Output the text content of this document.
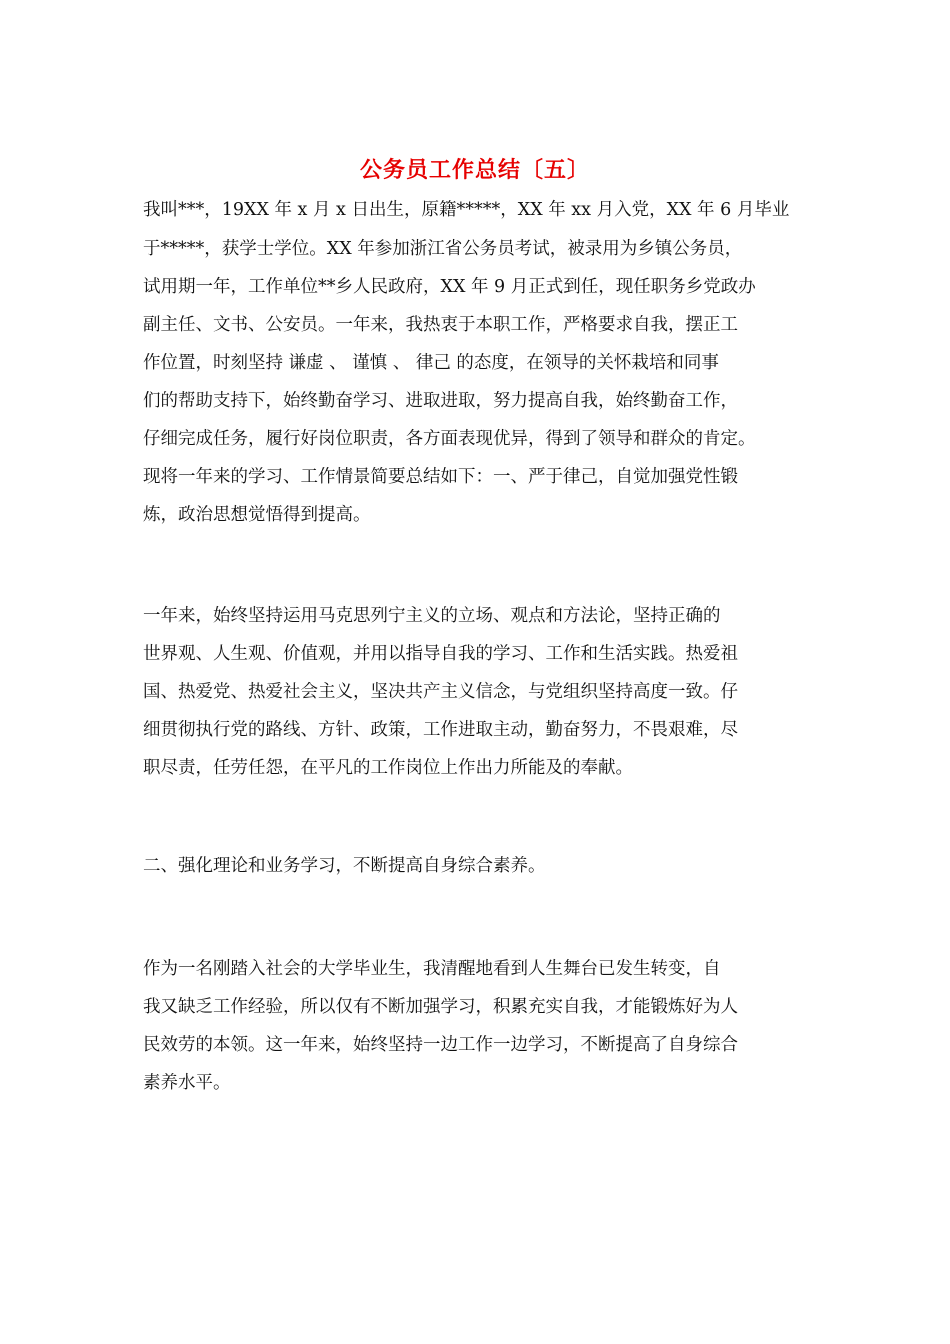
公务员工作总结〔五〕
我叫***，19XX 年 x 月 x 日出生，原籍*****，XX 年 xx 月入党，XX 年 6 月毕业
于*****，获学士学位。XX 年参加浙江省公务员考试，被录用为乡镇公务员，
试用期一年，工作单位**乡人民政府，XX 年 9 月正式到任，现任职务乡党政办
副主任、文书、公安员。一年来，我热衷于本职工作，严格要求自我，摆正工
作位置，时刻坚持 谦虚 、 谨慎 、 律己 的态度，在领导的关怀栽培和同事
们的帮助支持下，始终勤奋学习、进取进取，努力提高自我，始终勤奋工作，
仔细完成任务，履行好岗位职责，各方面表现优异，得到了领导和群众的肯定。
现将一年来的学习、工作情景简要总结如下：一、严于律己，自觉加强党性锻
炼，政治思想觉悟得到提高。
一年来，始终坚持运用马克思列宁主义的立场、观点和方法论，坚持正确的
世界观、人生观、价值观，并用以指导自我的学习、工作和生活实践。热爱祖
国、热爱党、热爱社会主义，坚决共产主义信念，与党组织坚持高度一致。仔
细贯彻执行党的路线、方针、政策，工作进取主动，勤奋努力，不畏艰难，尽
职尽责，任劳任怨，在平凡的工作岗位上作出力所能及的奉献。
二、强化理论和业务学习，不断提高自身综合素养。
作为一名刚踏入社会的大学毕业生，我清醒地看到人生舞台已发生转变，自
我又缺乏工作经验，所以仅有不断加强学习，积累充实自我，才能锻炼好为人
民效劳的本领。这一年来，始终坚持一边工作一边学习，不断提高了自身综合
素养水平。
